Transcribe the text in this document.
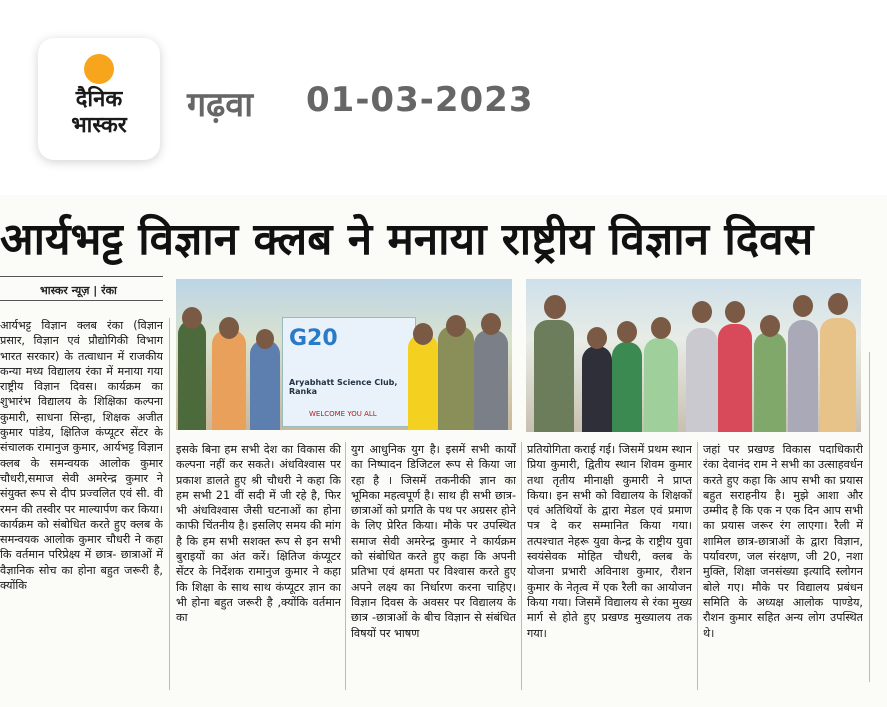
दैनिक
भास्कर
गढ़वा 01-03-2023
आर्यभट्ट विज्ञान क्लब ने मनाया राष्ट्रीय विज्ञान दिवस
भास्कर न्यूज़ | रंका
G20
Aryabhatt Science Club, Ranka
WELCOME YOU ALL
आर्यभट्ट विज्ञान क्लब रंका (विज्ञान प्रसार, विज्ञान एवं प्रौद्योगिकी विभाग भारत सरकार) के तत्वाधान में राजकीय कन्या मध्य विद्यालय रंका में मनाया गया राष्ट्रीय विज्ञान दिवस। कार्यक्रम का शुभारंभ विद्यालय के शिक्षिका कल्पना कुमारी, साधना सिन्हा, शिक्षक अजीत कुमार पांडेय, क्षितिज कंप्यूटर सेंटर के संचालक रामानुज कुमार, आर्यभट्ट विज्ञान क्लब के समन्वयक आलोक कुमार चौधरी,समाज सेवी अमरेन्द्र कुमार ने संयुक्त रूप से दीप प्रज्वलित एवं सी. वी रमन की तस्वीर पर माल्यार्पण कर किया। कार्यक्रम को संबोधित करते हुए क्लब के समन्वयक आलोक कुमार चौधरी ने कहा कि वर्तमान परिप्रेक्ष्य में छात्र- छात्राओं में वैज्ञानिक सोच का होना बहुत जरूरी है, क्योंकि
इसके बिना हम सभी देश का विकास की कल्पना नहीं कर सकते। अंधविश्वास पर प्रकाश डालते हुए श्री चौधरी ने कहा कि हम सभी 21 वीं सदी में जी रहे है, फिर भी अंधविश्वास जैसी घटनाओं का होना काफी चिंतनीय है। इसलिए समय की मांग है कि हम सभी सशक्त रूप से इन सभी बुराइयों का अंत करें। क्षितिज कंप्यूटर सेंटर के निर्देशक रामानुज कुमार ने कहा कि शिक्षा के साथ साथ कंप्यूटर ज्ञान का भी होना बहुत जरूरी है ,क्योंकि वर्तमान का
युग आधुनिक युग है। इसमें सभी कार्यों का निष्पादन डिजिटल रूप से किया जा रहा है । जिसमें तकनीकी ज्ञान का भूमिका महत्वपूर्ण है। साथ ही सभी छात्र- छात्राओं को प्रगति के पथ पर अग्रसर होने के लिए प्रेरित किया। मौके पर उपस्थित समाज सेवी अमरेन्द्र कुमार ने कार्यक्रम को संबोधित करते हुए कहा कि अपनी प्रतिभा एवं क्षमता पर विश्वास करते हुए अपने लक्ष्य का निर्धारण करना चाहिए। विज्ञान दिवस के अवसर पर विद्यालय के छात्र -छात्राओं के बीच विज्ञान से संबंधित विषयों पर भाषण
प्रतियोगिता कराई गई। जिसमें प्रथम स्थान प्रिया कुमारी, द्वितीय स्थान शिवम कुमार तथा तृतीय मीनाक्षी कुमारी ने प्राप्त किया। इन सभी को विद्यालय के शिक्षकों एवं अतिथियों के द्वारा मेडल एवं प्रमाण पत्र दे कर सम्मानित किया गया। तत्पश्चात नेहरू युवा केन्द्र के राष्ट्रीय युवा स्वयंसेवक मोहित चौधरी, क्लब के योजना प्रभारी अविनाश कुमार, रौशन कुमार के नेतृत्व में एक रैली का आयोजन किया गया। जिसमें विद्यालय से रंका मुख्य मार्ग से होते हुए प्रखण्ड मुख्यालय तक गया।
जहां पर प्रखण्ड विकास पदाधिकारी रंका देवानंद राम ने सभी का उत्साहवर्धन करते हुए कहा कि आप सभी का प्रयास बहुत सराहनीय है। मुझे आशा और उम्मीद है कि एक न एक दिन आप सभी का प्रयास जरूर रंग लाएगा। रैली में शामिल छात्र-छात्राओं के द्वारा विज्ञान, पर्यावरण, जल संरक्षण, जी 20, नशा मुक्ति, शिक्षा जनसंख्या इत्यादि स्लोगन बोले गए। मौके पर विद्यालय प्रबंधन समिति के अध्यक्ष आलोक पाण्डेय, रौशन कुमार सहित अन्य लोग उपस्थित थे।
